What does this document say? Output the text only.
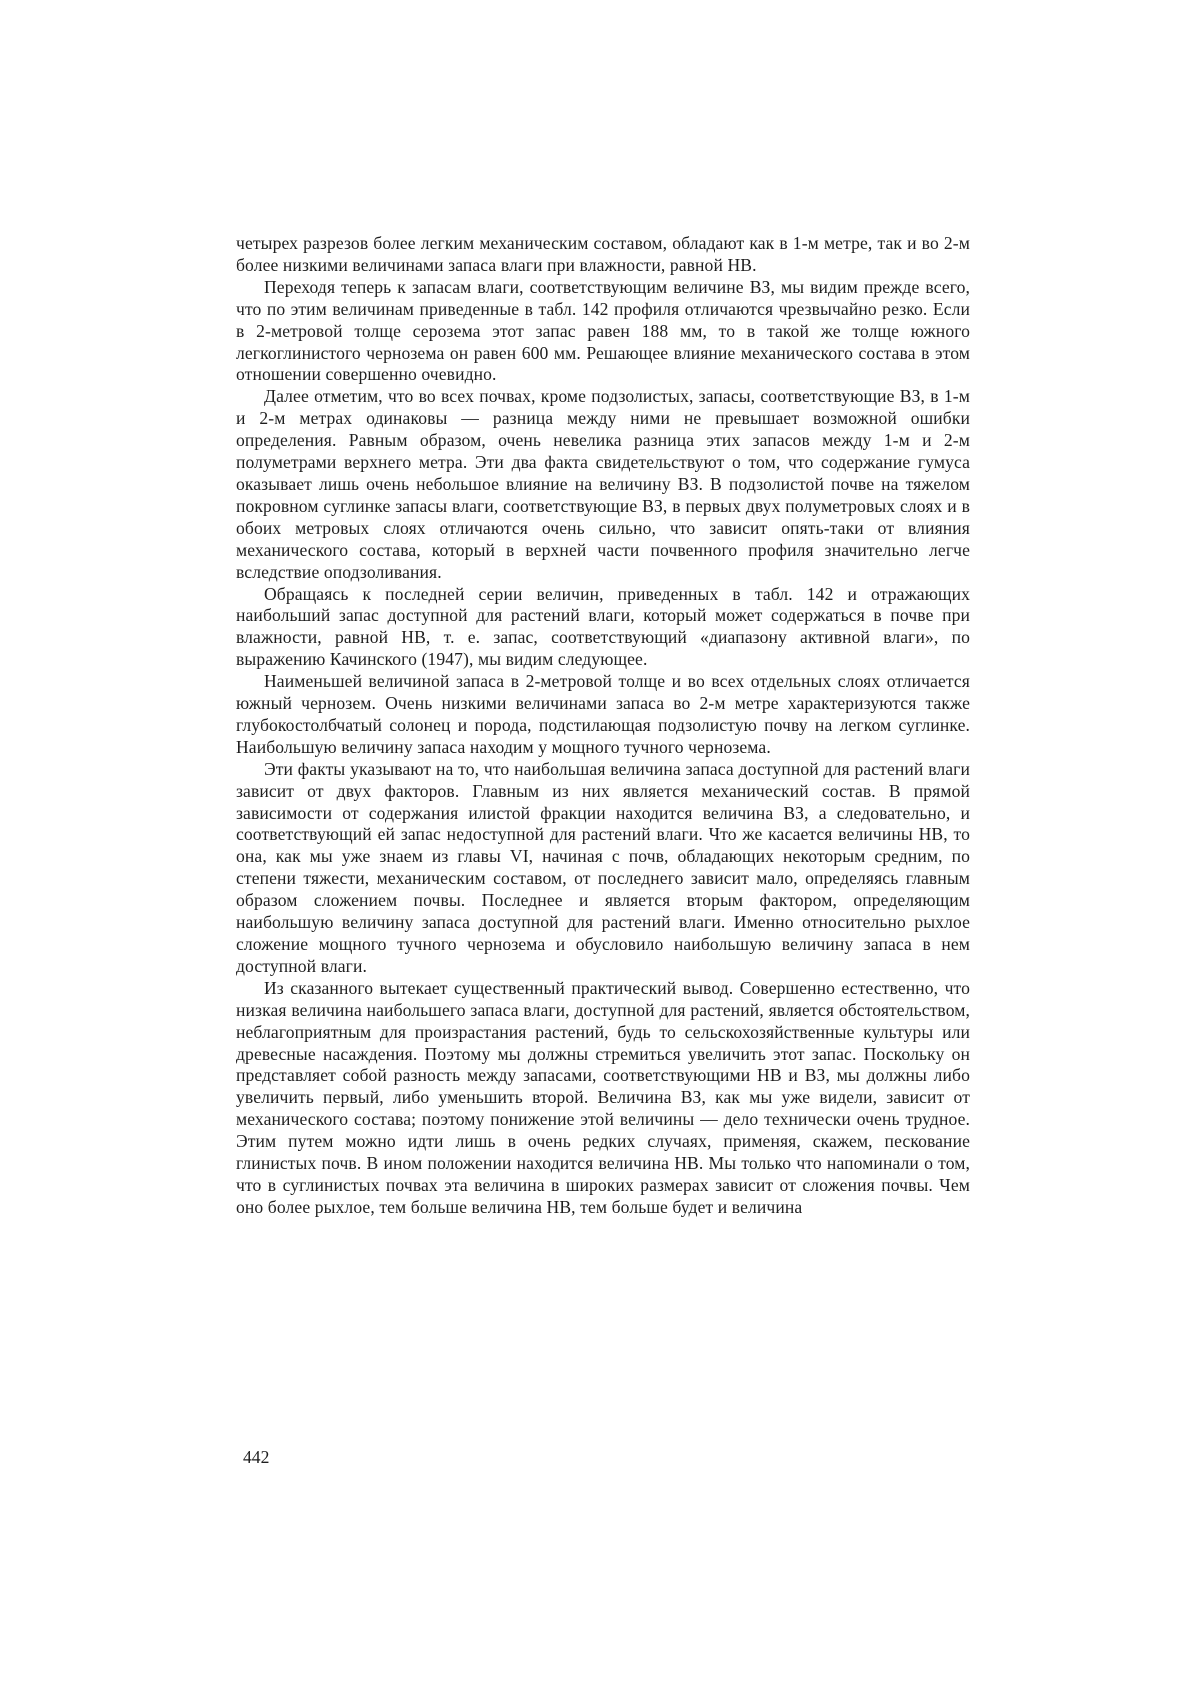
четырех разрезов более легким механическим составом, обладают как в 1-м метре, так и во 2-м более низкими величинами запаса влаги при влажности, равной НВ.

Переходя теперь к запасам влаги, соответствующим величине ВЗ, мы видим прежде всего, что по этим величинам приведенные в табл. 142 профиля отличаются чрезвычайно резко. Если в 2-метровой толще серозема этот запас равен 188 мм, то в такой же толще южного легкоглинистого чернозема он равен 600 мм. Решающее влияние механического состава в этом отношении совершенно очевидно.

Далее отметим, что во всех почвах, кроме подзолистых, запасы, соответствующие ВЗ, в 1-м и 2-м метрах одинаковы — разница между ними не превышает возможной ошибки определения. Равным образом, очень невелика разница этих запасов между 1-м и 2-м полуметрами верхнего метра. Эти два факта свидетельствуют о том, что содержание гумуса оказывает лишь очень небольшое влияние на величину ВЗ. В подзолистой почве на тяжелом покровном суглинке запасы влаги, соответствующие ВЗ, в первых двух полуметровых слоях и в обоих метровых слоях отличаются очень сильно, что зависит опять-таки от влияния механического состава, который в верхней части почвенного профиля значительно легче вследствие оподзоливания.

Обращаясь к последней серии величин, приведенных в табл. 142 и отражающих наибольший запас доступной для растений влаги, который может содержаться в почве при влажности, равной НВ, т. е. запас, соответствующий «диапазону активной влаги», по выражению Качинского (1947), мы видим следующее.

Наименьшей величиной запаса в 2-метровой толще и во всех отдельных слоях отличается южный чернозем. Очень низкими величинами запаса во 2-м метре характеризуются также глубокостолбчатый солонец и порода, подстилающая подзолистую почву на легком суглинке. Наибольшую величину запаса находим у мощного тучного чернозема.

Эти факты указывают на то, что наибольшая величина запаса доступной для растений влаги зависит от двух факторов. Главным из них является механический состав. В прямой зависимости от содержания илистой фракции находится величина ВЗ, а следовательно, и соответствующий ей запас недоступной для растений влаги. Что же касается величины НВ, то она, как мы уже знаем из главы VI, начиная с почв, обладающих некоторым средним, по степени тяжести, механическим составом, от последнего зависит мало, определяясь главным образом сложением почвы. Последнее и является вторым фактором, определяющим наибольшую величину запаса доступной для растений влаги. Именно относительно рыхлое сложение мощного тучного чернозема и обусловило наибольшую величину запаса в нем доступной влаги.

Из сказанного вытекает существенный практический вывод. Совершенно естественно, что низкая величина наибольшего запаса влаги, доступной для растений, является обстоятельством, неблагоприятным для произрастания растений, будь то сельскохозяйственные культуры или древесные насаждения. Поэтому мы должны стремиться увеличить этот запас. Поскольку он представляет собой разность между запасами, соответствующими НВ и ВЗ, мы должны либо увеличить первый, либо уменьшить второй. Величина ВЗ, как мы уже видели, зависит от механического состава; поэтому понижение этой величины — дело технически очень трудное. Этим путем можно идти лишь в очень редких случаях, применяя, скажем, пескование глинистых почв. В ином положении находится величина НВ. Мы только что напоминали о том, что в суглинистых почвах эта величина в широких размерах зависит от сложения почвы. Чем оно более рыхлое, тем больше величина НВ, тем больше будет и величина

442
